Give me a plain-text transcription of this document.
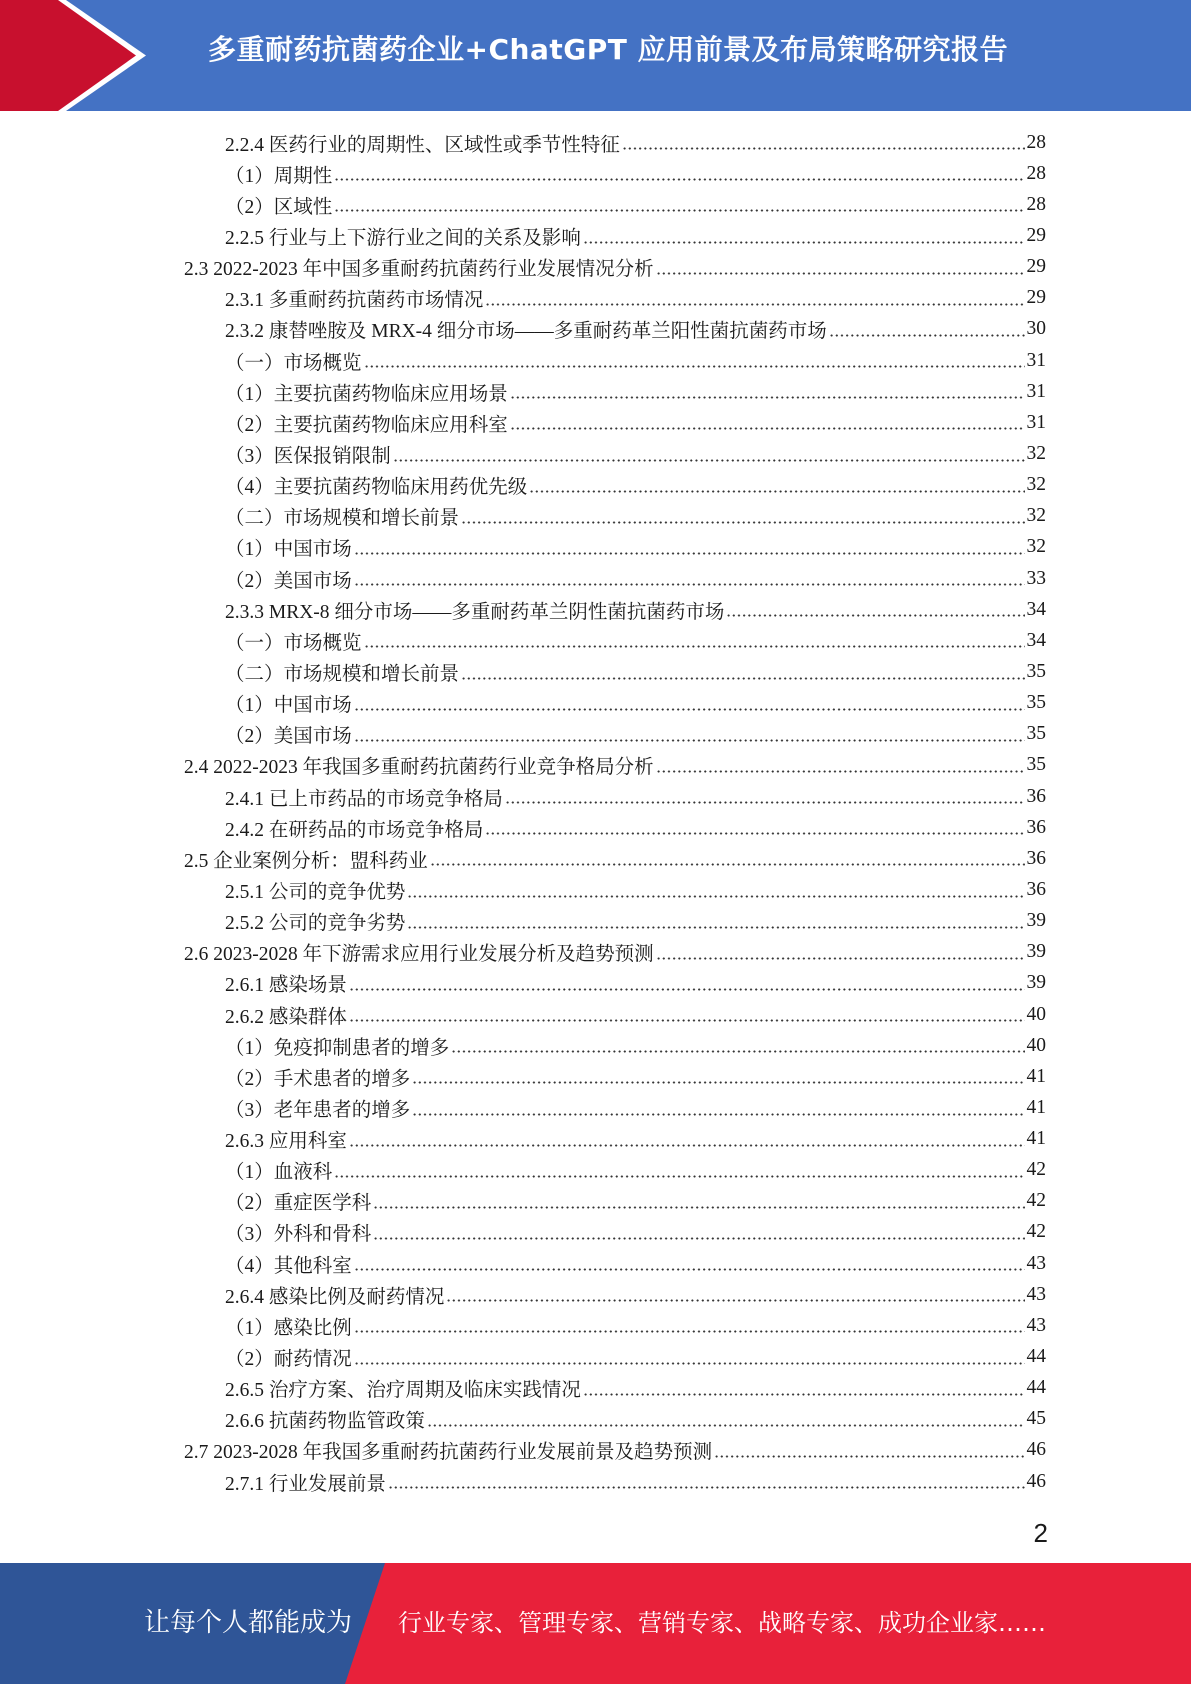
多重耐药抗菌药企业+ChatGPT 应用前景及布局策略研究报告
2.2.4 医药行业的周期性、区域性或季节性特征	28
（1）周期性	28
（2）区域性	28
2.2.5 行业与上下游行业之间的关系及影响	29
2.3 2022-2023 年中国多重耐药抗菌药行业发展情况分析	29
2.3.1 多重耐药抗菌药市场情况	29
2.3.2 康替唑胺及 MRX-4 细分市场——多重耐药革兰阳性菌抗菌药市场	30
（一）市场概览	31
（1）主要抗菌药物临床应用场景	31
（2）主要抗菌药物临床应用科室	31
（3）医保报销限制	32
（4）主要抗菌药物临床用药优先级	32
（二）市场规模和增长前景	32
（1）中国市场	32
（2）美国市场	33
2.3.3 MRX-8 细分市场——多重耐药革兰阴性菌抗菌药市场	34
（一）市场概览	34
（二）市场规模和增长前景	35
（1）中国市场	35
（2）美国市场	35
2.4 2022-2023 年我国多重耐药抗菌药行业竞争格局分析	35
2.4.1 已上市药品的市场竞争格局	36
2.4.2 在研药品的市场竞争格局	36
2.5 企业案例分析：盟科药业	36
2.5.1 公司的竞争优势	36
2.5.2 公司的竞争劣势	39
2.6 2023-2028 年下游需求应用行业发展分析及趋势预测	39
2.6.1 感染场景	39
2.6.2 感染群体	40
（1）免疫抑制患者的增多	40
（2）手术患者的增多	41
（3）老年患者的增多	41
2.6.3 应用科室	41
（1）血液科	42
（2）重症医学科	42
（3）外科和骨科	42
（4）其他科室	43
2.6.4 感染比例及耐药情况	43
（1）感染比例	43
（2）耐药情况	44
2.6.5 治疗方案、治疗周期及临床实践情况	44
2.6.6 抗菌药物监管政策	45
2.7 2023-2028 年我国多重耐药抗菌药行业发展前景及趋势预测	46
2.7.1 行业发展前景	46
2
让每个人都能成为 行业专家、管理专家、营销专家、战略专家、成功企业家……
